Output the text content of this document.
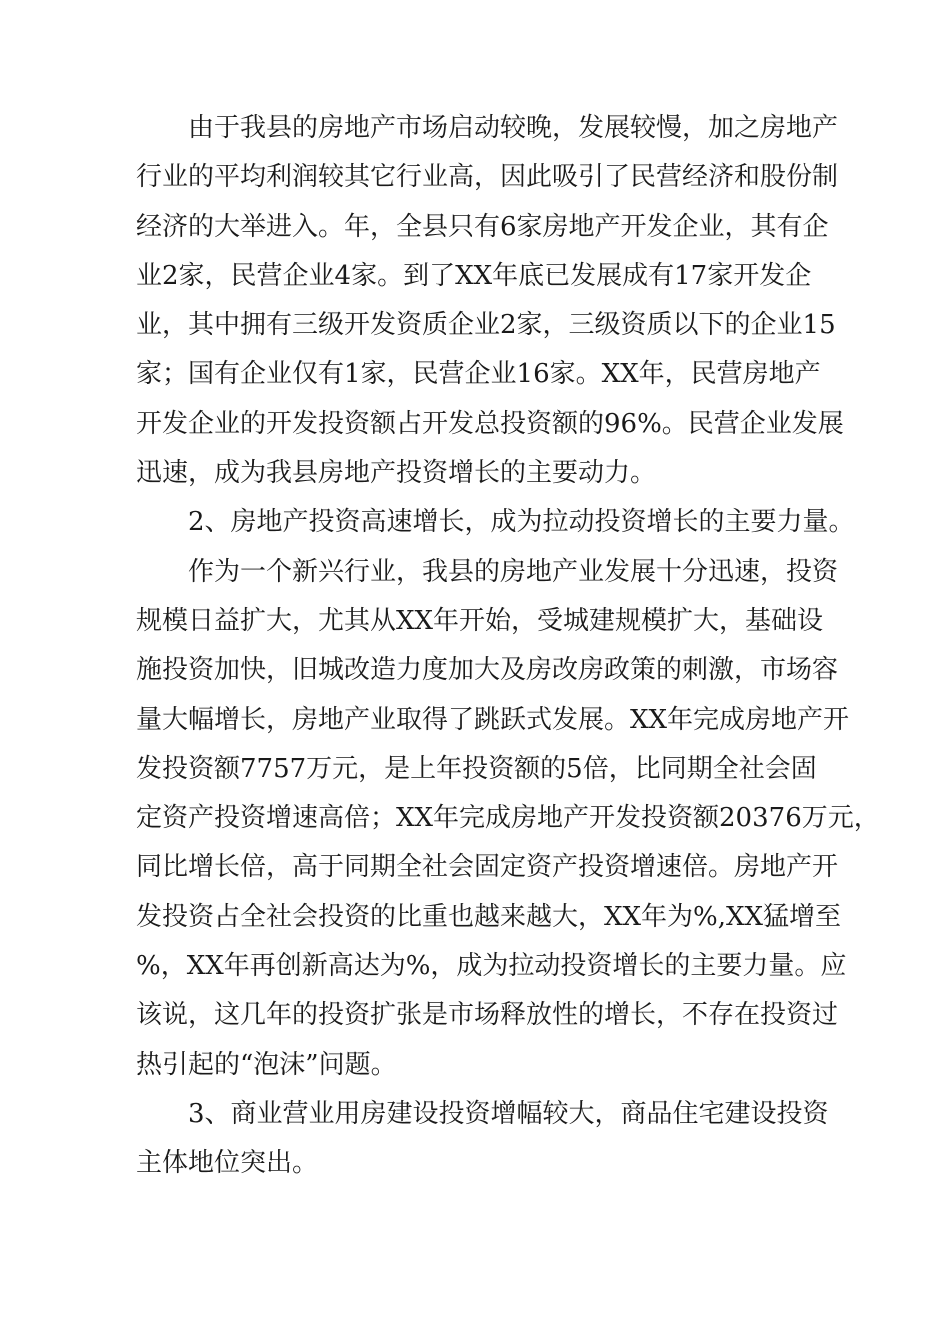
由于我县的房地产市场启动较晚，发展较慢，加之房地产

行业的平均利润较其它行业高，因此吸引了民营经济和股份制

经济的大举进入。年，全县只有6家房地产开发企业，其有企

业2家，民营企业4家。到了XX年底已发展成有17家开发企

业，其中拥有三级开发资质企业2家，三级资质以下的企业15

家；国有企业仅有1家，民营企业16家。XX年，民营房地产

开发企业的开发投资额占开发总投资额的96%。民营企业发展

迅速，成为我县房地产投资增长的主要动力。

2、房地产投资高速增长，成为拉动投资增长的主要力量。

作为一个新兴行业，我县的房地产业发展十分迅速，投资

规模日益扩大，尤其从XX年开始，受城建规模扩大，基础设

施投资加快，旧城改造力度加大及房改房政策的刺激，市场容

量大幅增长，房地产业取得了跳跃式发展。XX年完成房地产开

发投资额7757万元，是上年投资额的5倍，比同期全社会固

定资产投资增速高倍；XX年完成房地产开发投资额20376万元，

同比增长倍，高于同期全社会固定资产投资增速倍。房地产开

发投资占全社会投资的比重也越来越大，XX年为%,XX猛增至

%，XX年再创新高达为%，成为拉动投资增长的主要力量。应

该说，这几年的投资扩张是市场释放性的增长，不存在投资过

热引起的“泡沫”问题。

3、商业营业用房建设投资增幅较大，商品住宅建设投资

主体地位突出。
